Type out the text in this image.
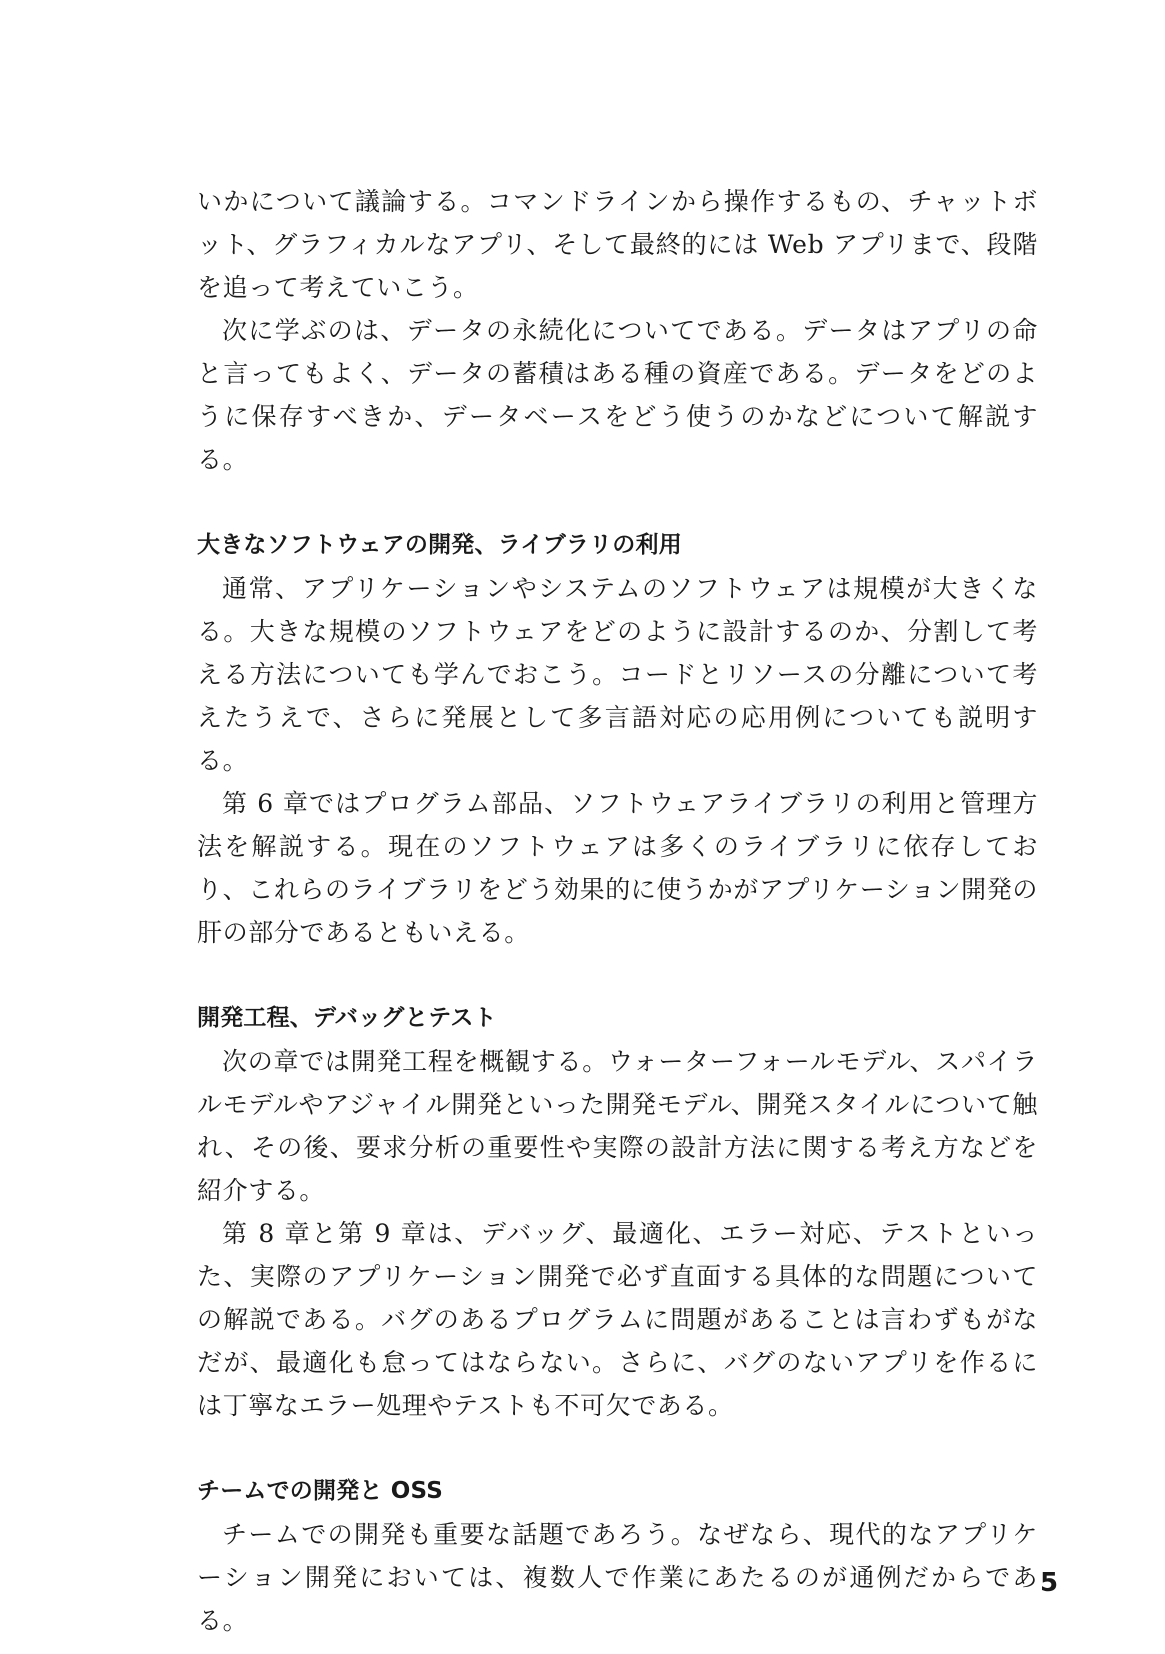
いかについて議論する。コマンドラインから操作するもの、チャットボット、グラフィカルなアプリ、そして最終的には Web アプリまで、段階を追って考えていこう。

次に学ぶのは、データの永続化についてである。データはアプリの命と言ってもよく、データの蓄積はある種の資産である。データをどのように保存すべきか、データベースをどう使うのかなどについて解説する。

大きなソフトウェアの開発、ライブラリの利用

通常、アプリケーションやシステムのソフトウェアは規模が大きくなる。大きな規模のソフトウェアをどのように設計するのか、分割して考える方法についても学んでおこう。コードとリソースの分離について考えたうえで、さらに発展として多言語対応の応用例についても説明する。

第 6 章ではプログラム部品、ソフトウェアライブラリの利用と管理方法を解説する。現在のソフトウェアは多くのライブラリに依存しており、これらのライブラリをどう効果的に使うかがアプリケーション開発の肝の部分であるともいえる。

開発工程、デバッグとテスト

次の章では開発工程を概観する。ウォーターフォールモデル、スパイラルモデルやアジャイル開発といった開発モデル、開発スタイルについて触れ、その後、要求分析の重要性や実際の設計方法に関する考え方などを紹介する。

第 8 章と第 9 章は、デバッグ、最適化、エラー対応、テストといった、実際のアプリケーション開発で必ず直面する具体的な問題についての解説である。バグのあるプログラムに問題があることは言わずもがなだが、最適化も怠ってはならない。さらに、バグのないアプリを作るには丁寧なエラー処理やテストも不可欠である。

チームでの開発と OSS

チームでの開発も重要な話題であろう。なぜなら、現代的なアプリケーション開発においては、複数人で作業にあたるのが通例だからである。

5
